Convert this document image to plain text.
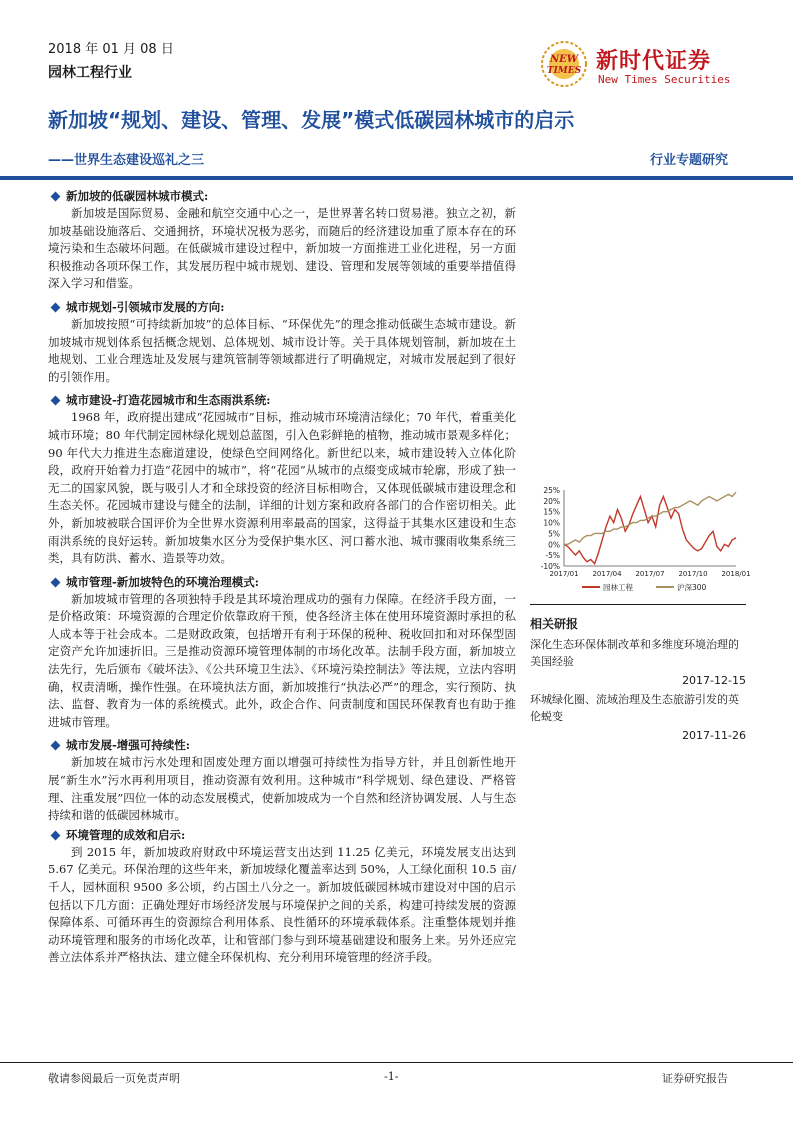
2018 年 01 月 08 日
园林工程行业
NEW
TIMES 新时代证券
New Times Securities
新加坡“规划、建设、管理、发展”模式低碳园林城市的启示
——世界生态建设巡礼之三	行业专题研究
新加坡的低碳园林城市模式:

新加坡是国际贸易、金融和航空交通中心之一，是世界著名转口贸易港。独立之初，新加坡基础设施落后、交通拥挤，环境状况极为恶劣，而随后的经济建设加重了原本存在的环境污染和生态破坏问题。在低碳城市建设过程中，新加坡一方面推进工业化进程，另一方面积极推动各项环保工作，其发展历程中城市规划、建设、管理和发展等领域的重要举措值得深入学习和借鉴。

城市规划-引领城市发展的方向:

新加坡按照“可持续新加坡”的总体目标、“环保优先”的理念推动低碳生态城市建设。新加坡城市规划体系包括概念规划、总体规划、城市设计等。关于具体规划管制，新加坡在土地规划、工业合理选址及发展与建筑管制等领域都进行了明确规定，对城市发展起到了很好的引领作用。

城市建设-打造花园城市和生态雨洪系统:

1968 年，政府提出建成“花园城市”目标，推动城市环境清洁绿化；70 年代，着重美化城市环境；80 年代制定园林绿化规划总蓝图，引入色彩鲜艳的植物，推动城市景观多样化；90 年代大力推进生态廊道建设，使绿色空间网络化。新世纪以来，城市建设转入立体化阶段，政府开始着力打造“花园中的城市”，将“花园”从城市的点缀变成城市轮廓，形成了独一无二的国家风貌，既与吸引人才和全球投资的经济目标相吻合，又体现低碳城市建设理念和生态关怀。花园城市建设与健全的法制，详细的计划方案和政府各部门的合作密切相关。此外，新加坡被联合国评价为全世界水资源利用率最高的国家，这得益于其集水区建设和生态雨洪系统的良好运转。新加坡集水区分为受保护集水区、河口蓄水池、城市骤雨收集系统三类，具有防洪、蓄水、造景等功效。

城市管理-新加坡特色的环境治理模式:

新加坡城市管理的各项独特手段是其环境治理成功的强有力保障。在经济手段方面，一是价格政策：环境资源的合理定价依靠政府干预，使各经济主体在使用环境资源时承担的私人成本等于社会成本。二是财政政策，包括增开有利于环保的税种、税收回扣和对环保型固定资产允许加速折旧。三是推动资源环境管理体制的市场化改革。法制手段方面，新加坡立法先行，先后颁布《破坏法》、《公共环境卫生法》、《环境污染控制法》等法规，立法内容明确，权责清晰，操作性强。在环境执法方面，新加坡推行“执法必严”的理念，实行预防、执法、监督、教育为一体的系统模式。此外，政企合作、问责制度和国民环保教育也有助于推进城市管理。

城市发展-增强可持续性:

新加坡在城市污水处理和固废处理方面以增强可持续性为指导方针，并且创新性地开展“新生水”污水再利用项目，推动资源有效利用。这种城市“科学规划、绿色建设、严格管理、注重发展”四位一体的动态发展模式，使新加坡成为一个自然和经济协调发展、人与生态持续和谐的低碳园林城市。

环境管理的成效和启示:

到 2015 年，新加坡政府财政中环境运营支出达到 11.25 亿美元，环境发展支出达到 5.67 亿美元。环保治理的这些年来，新加坡绿化覆盖率达到 50%，人工绿化面积 10.5 亩/千人，园林面积 9500 多公顷，约占国土八分之一。新加坡低碳园林城市建设对中国的启示包括以下几方面：正确处理好市场经济发展与环境保护之间的关系，构建可持续发展的资源保障体系、可循环再生的资源综合利用体系、良性循环的环境承载体系。注重整体规划并推动环境管理和服务的市场化改革，让和管部门参与到环境基础建设和服务上来。另外还应完善立法体系并严格执法、建立健全环保机构、充分利用环境管理的经济手段。

25%
20%
15%
10%
5%
0%
-5%
-10%
2017/01 2017/04 2017/07 2017/10 2018/01
园林工程	沪深300
相关研报
深化生态环保体制改革和多维度环境治理的美国经验
2017-12-15
环城绿化圈、流域治理及生态旅游引发的英伦蜕变
2017-11-26
敬请参阅最后一页免责声明	-1-	证券研究报告
